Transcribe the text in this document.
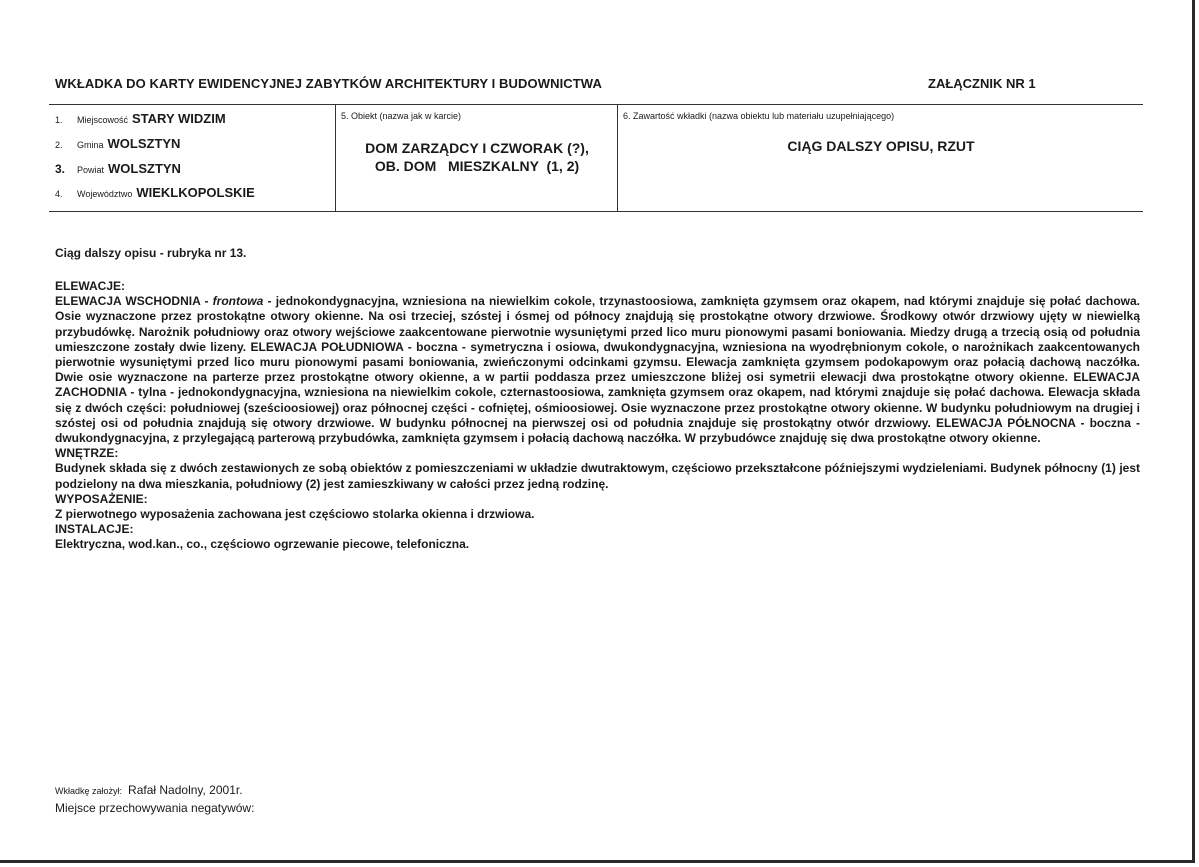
WKŁADKA DO KARTY EWIDENCYJNEJ ZABYTKÓW ARCHITEKTURY I BUDOWNICTWA	ZAŁĄCZNIK NR 1
1.	Miejscowość STARY WIDZIM
2.	Gmina WOLSZTYN
3.	Powiat WOLSZTYN
4.	Województwo WIEKLKOPOLSKIE
5. Obiekt (nazwa jak w karcie)
DOM ZARZĄDCY I CZWORAK (?),
OB. DOM   MIESZKALNY  (1, 2)
6. Zawartość wkładki (nazwa obiektu lub materiału uzupełniającego)
CIĄG DALSZY OPISU, RZUT
Ciąg dalszy opisu - rubryka nr 13.

ELEWACJE:

ELEWACJA WSCHODNIA - frontowa - jednokondygnacyjna, wzniesiona na niewielkim cokole, trzynastoosiowa, zamknięta gzymsem oraz okapem, nad którymi znajduje się połać dachowa. Osie wyznaczone przez prostokątne otwory okienne. Na osi trzeciej, szóstej i ósmej od północy znajdują się prostokątne otwory drzwiowe. Środkowy otwór drzwiowy ujęty w niewielką przybudówkę. Narożnik południowy oraz otwory wejściowe zaakcentowane pierwotnie wysuniętymi przed lico muru pionowymi pasami boniowania. Miedzy drugą a trzecią osią od południa umieszczone zostały dwie lizeny. ELEWACJA POŁUDNIOWA - boczna - symetryczna i osiowa, dwukondygnacyjna, wzniesiona na wyodrębnionym cokole, o narożnikach zaakcentowanych pierwotnie wysuniętymi przed lico muru pionowymi pasami boniowania, zwieńczonymi odcinkami gzymsu. Elewacja zamknięta gzymsem podokapowym oraz połacią dachową naczółka. Dwie osie wyznaczone na parterze przez prostokątne otwory okienne, a w partii poddasza przez umieszczone bliżej osi symetrii elewacji dwa prostokątne otwory okienne. ELEWACJA ZACHODNIA - tylna - jednokondygnacyjna, wzniesiona na niewielkim cokole, czternastoosiowa, zamknięta gzymsem oraz okapem, nad którymi znajduje się połać dachowa. Elewacja składa się z dwóch części: południowej (sześcioosiowej) oraz północnej części - cofniętej, ośmioosiowej. Osie wyznaczone przez prostokątne otwory okienne. W budynku południowym na drugiej i szóstej osi od południa znajdują się otwory drzwiowe. W budynku północnej na pierwszej osi od południa znajduje się prostokątny otwór drzwiowy. ELEWACJA PÓŁNOCNA - boczna - dwukondygnacyjna, z przylegającą parterową przybudówka, zamknięta gzymsem i połacią dachową naczółka. W przybudówce znajduję się dwa prostokątne otwory okienne.

WNĘTRZE:

Budynek składa się z dwóch zestawionych ze sobą obiektów z pomieszczeniami w układzie dwutraktowym, częściowo przekształcone późniejszymi wydzieleniami. Budynek północny (1) jest podzielony na dwa mieszkania, południowy (2) jest zamieszkiwany w całości przez jedną rodzinę.

WYPOSAŻENIE:

Z pierwotnego wyposażenia zachowana jest częściowo stolarka okienna i drzwiowa.

INSTALACJE:

Elektryczna, wod.kan., co., częściowo ogrzewanie piecowe, telefoniczna.

Wkładkę założył: Rafał Nadolny, 2001r.
Miejsce przechowywania negatywów:
